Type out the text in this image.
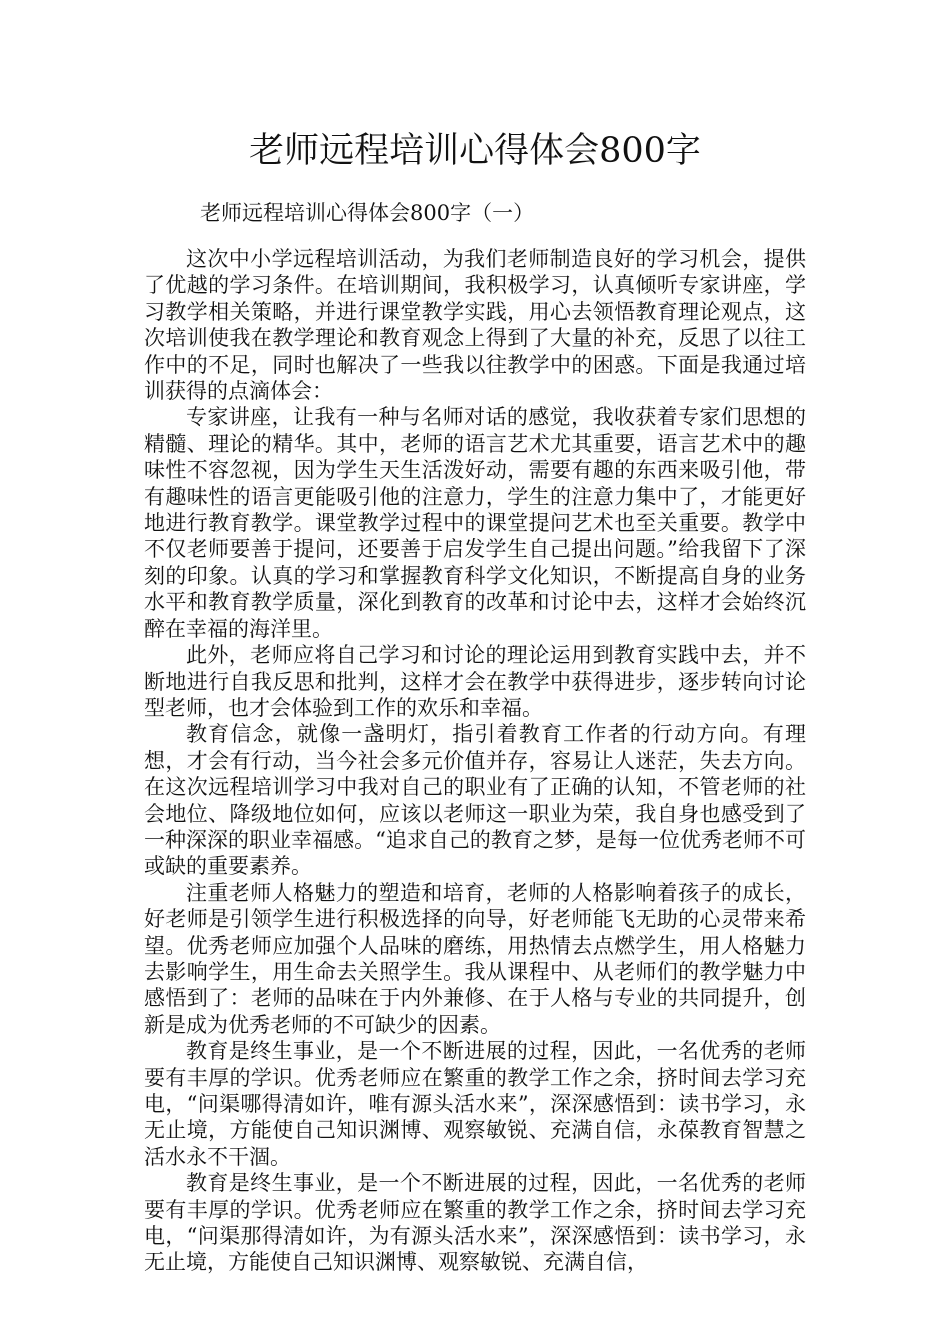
老师远程培训心得体会800字
老师远程培训心得体会800字（一）

这次中小学远程培训活动，为我们老师制造良好的学习机会，提供了优越的学习条件。在培训期间，我积极学习，认真倾听专家讲座，学习教学相关策略，并进行课堂教学实践，用心去领悟教育理论观点，这次培训使我在教学理论和教育观念上得到了大量的补充，反思了以往工作中的不足，同时也解决了一些我以往教学中的困惑。下面是我通过培训获得的点滴体会：

专家讲座，让我有一种与名师对话的感觉，我收获着专家们思想的精髓、理论的精华。其中，老师的语言艺术尤其重要，语言艺术中的趣味性不容忽视，因为学生天生活泼好动，需要有趣的东西来吸引他，带有趣味性的语言更能吸引他的注意力，学生的注意力集中了，才能更好地进行教育教学。课堂教学过程中的课堂提问艺术也至关重要。教学中不仅老师要善于提问，还要善于启发学生自己提出问题。”给我留下了深刻的印象。认真的学习和掌握教育科学文化知识，不断提高自身的业务水平和教育教学质量，深化到教育的改革和讨论中去，这样才会始终沉醉在幸福的海洋里。

此外，老师应将自己学习和讨论的理论运用到教育实践中去，并不断地进行自我反思和批判，这样才会在教学中获得进步，逐步转向讨论型老师，也才会体验到工作的欢乐和幸福。

教育信念，就像一盏明灯，指引着教育工作者的行动方向。有理想，才会有行动，当今社会多元价值并存，容易让人迷茫，失去方向。在这次远程培训学习中我对自己的职业有了正确的认知，不管老师的社会地位、降级地位如何，应该以老师这一职业为荣，我自身也感受到了一种深深的职业幸福感。“追求自己的教育之梦，是每一位优秀老师不可或缺的重要素养。

注重老师人格魅力的塑造和培育，老师的人格影响着孩子的成长，好老师是引领学生进行积极选择的向导，好老师能飞无助的心灵带来希望。优秀老师应加强个人品味的磨练，用热情去点燃学生，用人格魅力去影响学生，用生命去关照学生。我从课程中、从老师们的教学魅力中感悟到了：老师的品味在于内外兼修、在于人格与专业的共同提升，创新是成为优秀老师的不可缺少的因素。

教育是终生事业，是一个不断进展的过程，因此，一名优秀的老师要有丰厚的学识。优秀老师应在繁重的教学工作之余，挤时间去学习充电，“问渠哪得清如许，唯有源头活水来”，深深感悟到：读书学习，永无止境，方能使自己知识渊博、观察敏锐、充满自信，永葆教育智慧之活水永不干涸。

教育是终生事业，是一个不断进展的过程，因此，一名优秀的老师要有丰厚的学识。优秀老师应在繁重的教学工作之余，挤时间去学习充电，“问渠那得清如许，为有源头活水来”，深深感悟到：读书学习，永无止境，方能使自己知识渊博、观察敏锐、充满自信，
